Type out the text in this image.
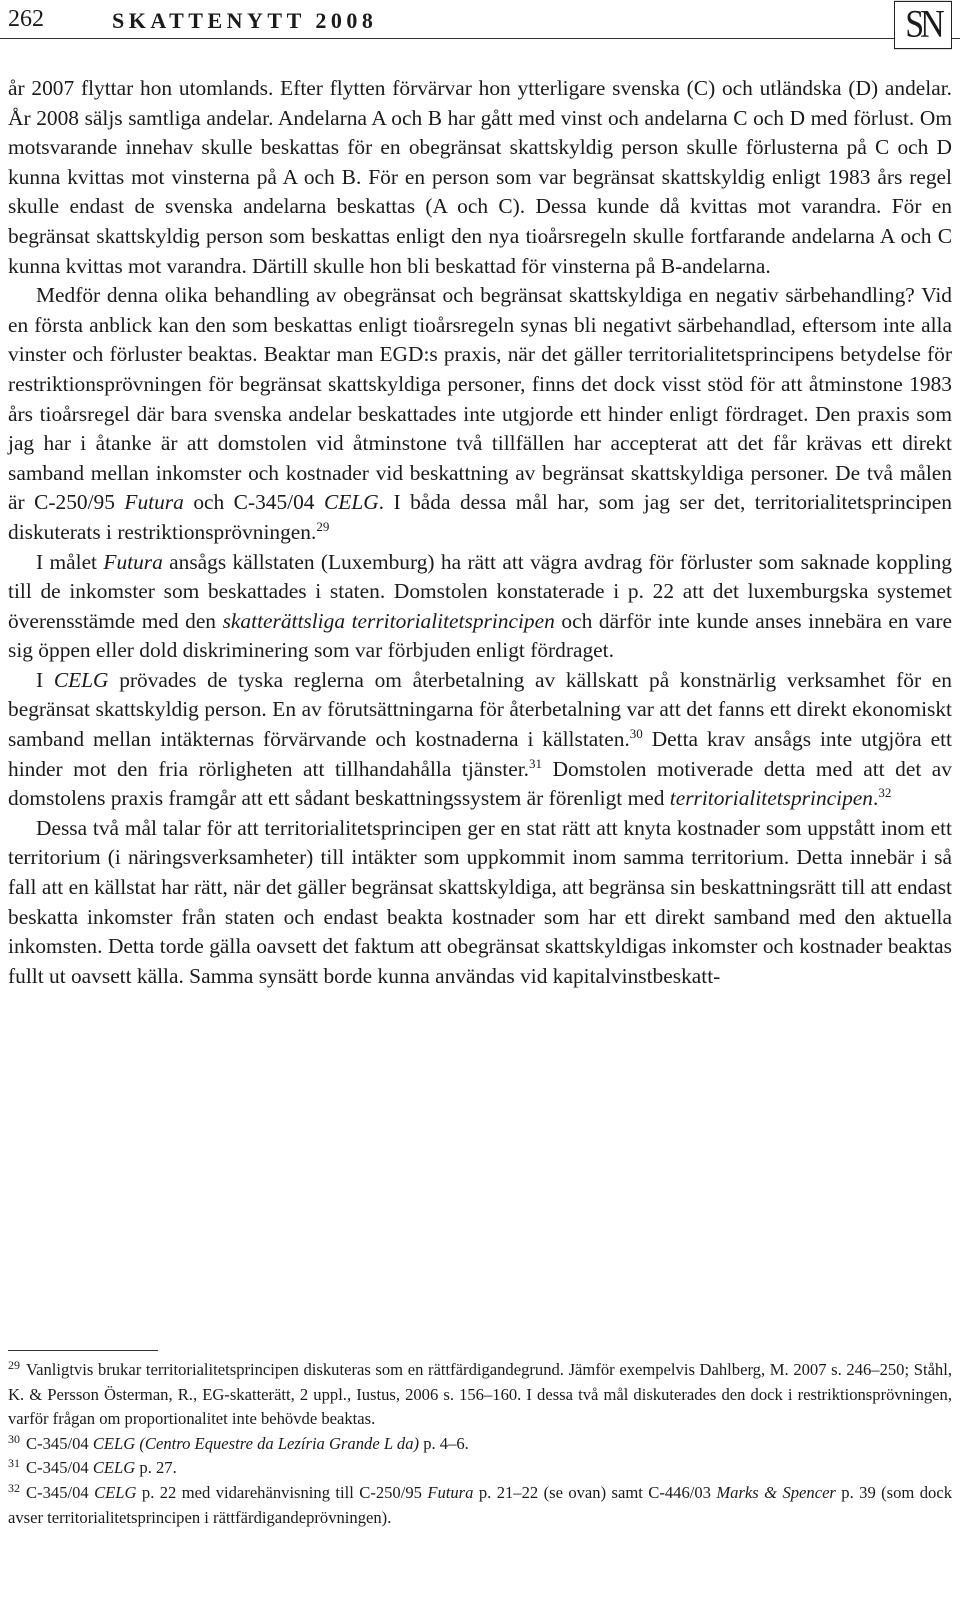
262	SKATTENYTT 2008	SN

år 2007 flyttar hon utomlands. Efter flytten förvärvar hon ytterligare svenska (C) och utländska (D) andelar. År 2008 säljs samtliga andelar. Andelarna A och B har gått med vinst och andelarna C och D med förlust. Om motsvarande innehav skulle beskattas för en obegränsat skattskyldig person skulle förlusterna på C och D kunna kvittas mot vinsterna på A och B. För en person som var begränsat skattskyldig enligt 1983 års regel skulle endast de svenska andelarna beskattas (A och C). Dessa kunde då kvittas mot varandra. För en begränsat skattskyldig person som beskattas enligt den nya tioårsregeln skulle fortfarande andelarna A och C kunna kvittas mot varandra. Därtill skulle hon bli beskattad för vinsterna på B-andelarna.

Medför denna olika behandling av obegränsat och begränsat skattskyldiga en negativ särbehandling? Vid en första anblick kan den som beskattas enligt tioårsregeln synas bli negativt särbehandlad, eftersom inte alla vinster och förluster beaktas. Beaktar man EGD:s praxis, när det gäller territorialitetsprincipens betydelse för restriktionsprövningen för begränsat skattskyldiga personer, finns det dock visst stöd för att åtminstone 1983 års tioårsregel där bara svenska andelar beskattades inte utgjorde ett hinder enligt fördraget. Den praxis som jag har i åtanke är att domstolen vid åtminstone två tillfällen har accepterat att det får krävas ett direkt samband mellan inkomster och kostnader vid beskattning av begränsat skattskyldiga personer. De två målen är C-250/95 Futura och C-345/04 CELG. I båda dessa mål har, som jag ser det, territorialitetsprincipen diskuterats i restriktionsprövningen.$^{29}$

I målet Futura ansågs källstaten (Luxemburg) ha rätt att vägra avdrag för förluster som saknade koppling till de inkomster som beskattades i staten. Domstolen konstaterade i p. 22 att det luxemburgska systemet överensstämde med den skatterättsliga territorialitetsprincipen och därför inte kunde anses innebära en vare sig öppen eller dold diskriminering som var förbjuden enligt fördraget.

I CELG prövades de tyska reglerna om återbetalning av källskatt på konstnärlig verksamhet för en begränsat skattskyldig person. En av förutsättningarna för återbetalning var att det fanns ett direkt ekonomiskt samband mellan intäkternas förvärvande och kostnaderna i källstaten.$^{30}$ Detta krav ansågs inte utgjöra ett hinder mot den fria rörligheten att tillhandahålla tjänster.$^{31}$ Domstolen motiverade detta med att det av domstolens praxis framgår att ett sådant beskattningssystem är förenligt med territorialitetsprincipen.$^{32}$

Dessa två mål talar för att territorialitetsprincipen ger en stat rätt att knyta kostnader som uppstått inom ett territorium (i näringsverksamheter) till intäkter som uppkommit inom samma territorium. Detta innebär i så fall att en källstat har rätt, när det gäller begränsat skattskyldiga, att begränsa sin beskattningsrätt till att endast beskatta inkomster från staten och endast beakta kostnader som har ett direkt samband med den aktuella inkomsten. Detta torde gälla oavsett det faktum att obegränsat skattskyldigas inkomster och kostnader beaktas fullt ut oavsett källa. Samma synsätt borde kunna användas vid kapitalvinstbeskatt-

$^{29}$ Vanligtvis brukar territorialitetsprincipen diskuteras som en rättfärdigandegrund. Jämför exempelvis Dahlberg, M. 2007 s. 246–250; Ståhl, K. & Persson Österman, R., EG-skatterätt, 2 uppl., Iustus, 2006 s. 156–160. I dessa två mål diskuterades den dock i restriktionsprövningen, varför frågan om proportionalitet inte behövde beaktas.

$^{30}$ C-345/04 CELG (Centro Equestre da Lezíria Grande L da) p. 4–6.

$^{31}$ C-345/04 CELG p. 27.

$^{32}$ C-345/04 CELG p. 22 med vidarehänvisning till C-250/95 Futura p. 21–22 (se ovan) samt C-446/03 Marks & Spencer p. 39 (som dock avser territorialitetsprincipen i rättfärdigandeprövningen).
